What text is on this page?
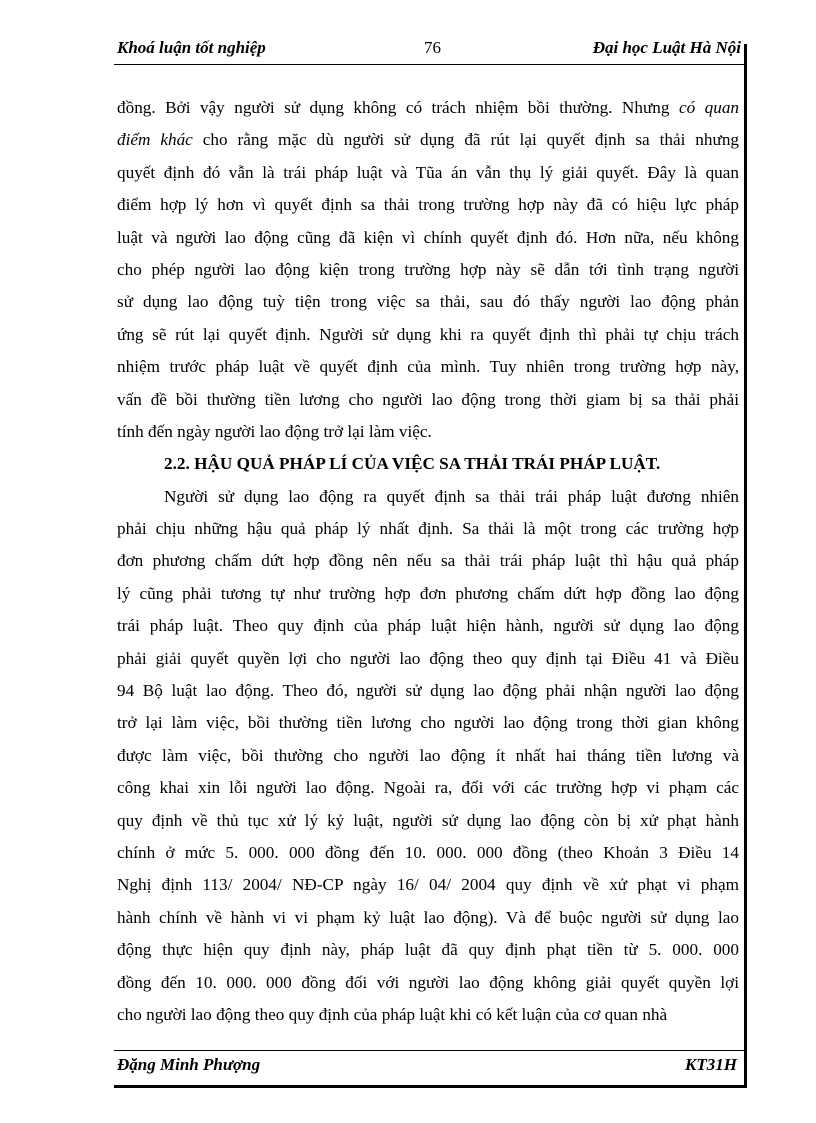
Khoá luận tốt nghiệp	76	Đại học Luật Hà Nội
đồng. Bởi vậy người sử dụng không có trách nhiệm bồi thường. Nhưng có quan
điểm khác cho rằng mặc dù người sử dụng đã rút lại quyết định sa thải nhưng
quyết định đó vẫn là trái pháp luật và Tũa án vẫn thụ lý giải quyết. Đây là quan
điểm hợp lý hơn vì quyết định sa thải trong trường hợp này đã có hiệu lực pháp
luật và người lao động cũng đã kiện vì chính quyết định đó. Hơn nữa, nếu không
cho phép người lao động kiện trong trường hợp này sẽ dẫn tới tình trạng người
sử dụng lao động tuỳ tiện trong việc sa thải, sau đó thấy người lao động phản
ứng sẽ rút lại quyết định. Người sử dụng khi ra quyết định thì phải tự chịu trách
nhiệm trước pháp luật về quyết định của mình. Tuy nhiên trong trường hợp này,
vấn đề bồi thường tiền lương cho người lao động trong thời giam bị sa thải phải
tính đến ngày người lao động trở lại làm việc.
2.2. HẬU QUẢ PHÁP LÍ CỦA VIỆC SA THẢI TRÁI PHÁP LUẬT.
Người sử dụng lao động ra quyết định sa thải trái pháp luật đương nhiên
phải chịu những hậu quả pháp lý nhất định. Sa thải là một trong các trường hợp
đơn phương chấm dứt hợp đồng nên nếu sa thải trái pháp luật thì hậu quả pháp
lý cũng phải tương tự như trường hợp đơn phương chấm dứt hợp đồng lao động
trái pháp luật. Theo quy định của pháp luật hiện hành, người sử dụng lao động
phải giải quyết quyền lợi cho người lao động theo quy định tại Điều 41 và Điều
94 Bộ luật lao động. Theo đó, người sử dụng lao động phải nhận người lao động
trở lại làm việc, bồi thường tiền lương cho người lao động trong thời gian không
được làm việc, bồi thường cho người lao động ít nhất hai tháng tiền lương và
công khai xin lỗi người lao động. Ngoài ra, đối với các trường hợp vi phạm các
quy định về thủ tục xử lý kỷ luật, người sử dụng lao động còn bị xử phạt hành
chính ở mức 5. 000. 000 đồng đến 10. 000. 000 đồng (theo Khoản 3 Điều 14
Nghị định 113/ 2004/ NĐ-CP ngày 16/ 04/ 2004 quy định về xử phạt vi phạm
hành chính về hành vi vi phạm kỷ luật lao động). Và để buộc người sử dụng lao
động thực hiện quy định này, pháp luật đã quy định phạt tiền từ 5. 000. 000
đồng đến 10. 000. 000 đồng đối với người lao động không giải quyết quyền lợi
cho người lao động theo quy định của pháp luật khi có kết luận của cơ quan nhà
Đặng Minh Phượng	KT31H
